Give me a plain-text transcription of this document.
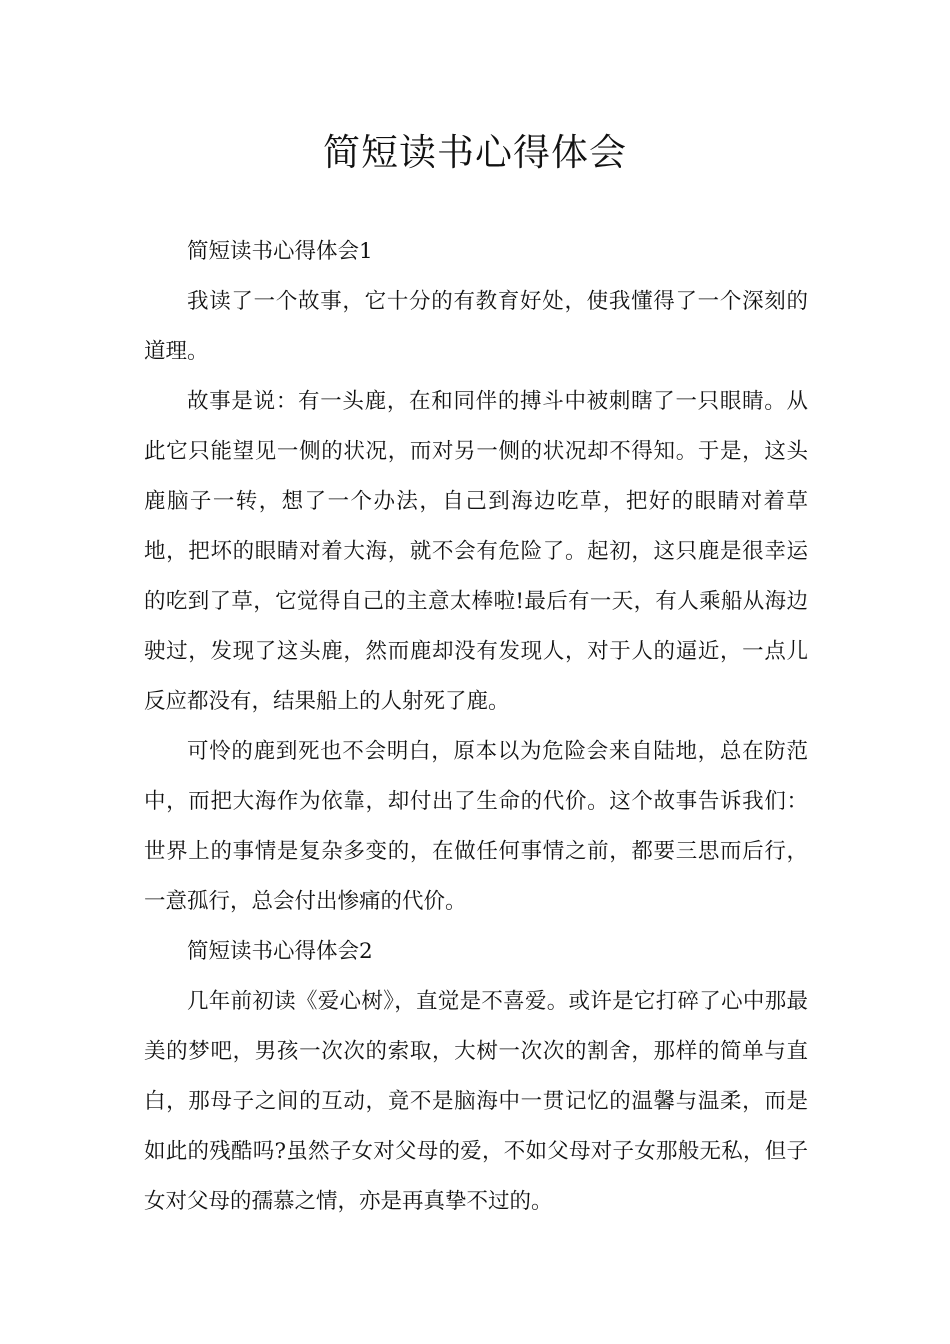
简短读书心得体会

简短读书心得体会1

我读了一个故事，它十分的有教育好处，使我懂得了一个深刻的道理。

故事是说：有一头鹿，在和同伴的搏斗中被刺瞎了一只眼睛。从此它只能望见一侧的状况，而对另一侧的状况却不得知。于是，这头鹿脑子一转，想了一个办法，自己到海边吃草，把好的眼睛对着草地，把坏的眼睛对着大海，就不会有危险了。起初，这只鹿是很幸运的吃到了草，它觉得自己的主意太棒啦!最后有一天，有人乘船从海边驶过，发现了这头鹿，然而鹿却没有发现人，对于人的逼近，一点儿反应都没有，结果船上的人射死了鹿。

可怜的鹿到死也不会明白，原本以为危险会来自陆地，总在防范中，而把大海作为依靠，却付出了生命的代价。这个故事告诉我们：世界上的事情是复杂多变的，在做任何事情之前，都要三思而后行，一意孤行，总会付出惨痛的代价。

简短读书心得体会2

几年前初读《爱心树》，直觉是不喜爱。或许是它打碎了心中那最美的梦吧，男孩一次次的索取，大树一次次的割舍，那样的简单与直白，那母子之间的互动，竟不是脑海中一贯记忆的温馨与温柔，而是如此的残酷吗?虽然子女对父母的爱，不如父母对子女那般无私，但子女对父母的孺慕之情，亦是再真挚不过的。
